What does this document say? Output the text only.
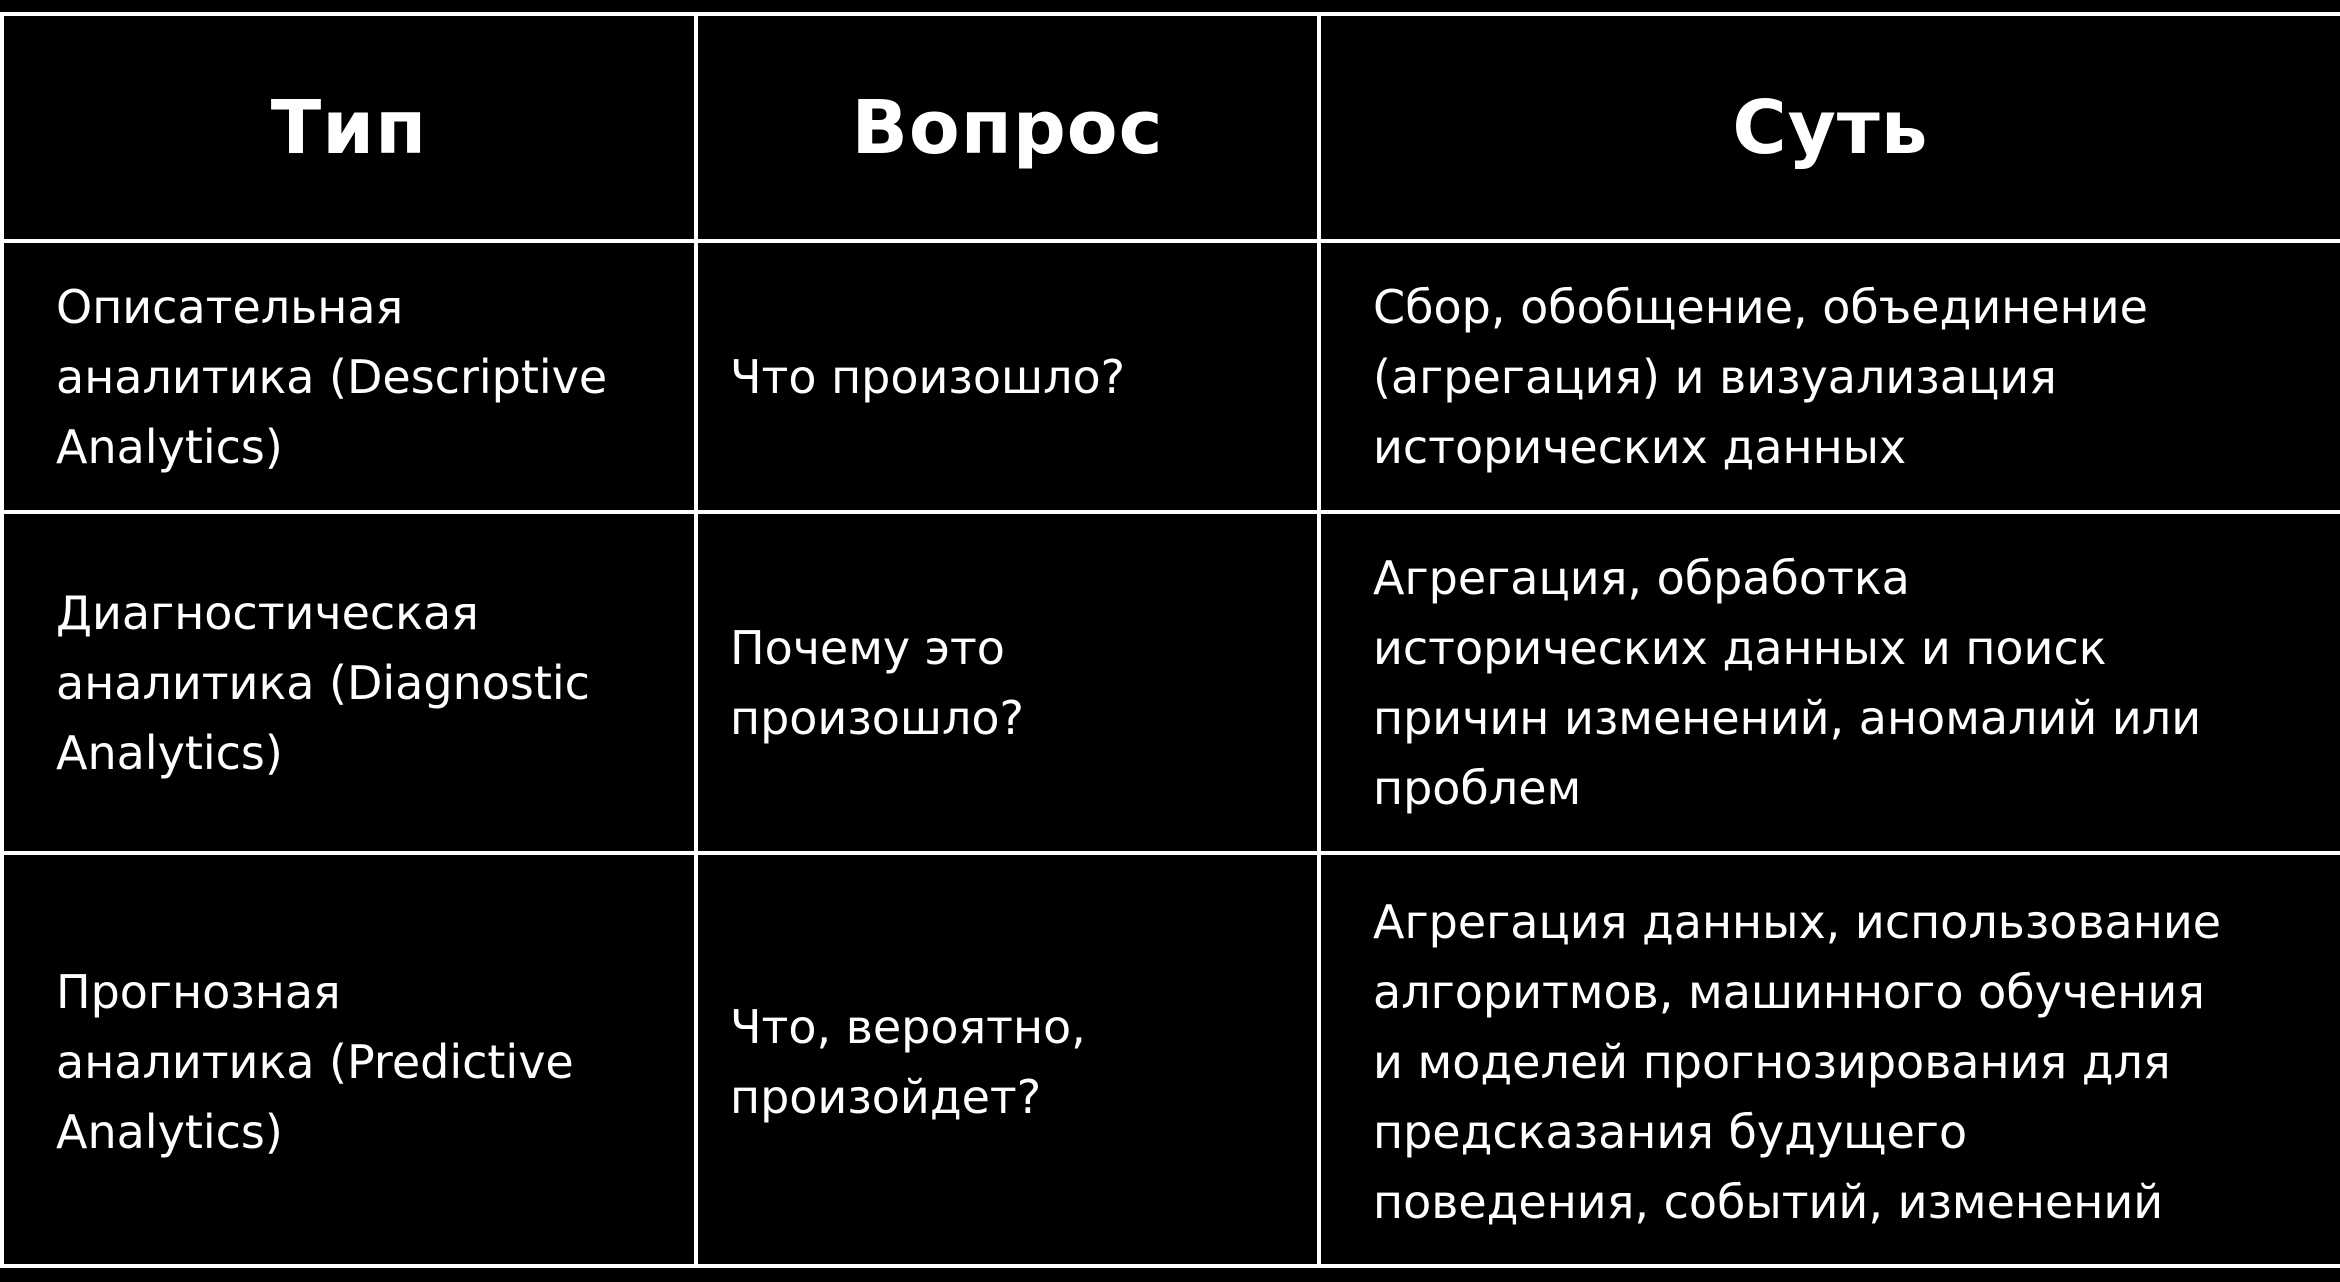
Тип	Вопрос	Суть
Описательная
аналитика (Descriptive
Analytics)
Что произошло?
Сбор, обобщение, объединение
(агрегация) и визуализация
исторических данных
Диагностическая
аналитика (Diagnostic
Analytics)
Почему это
произошло?
Агрегация, обработка
исторических данных и поиск
причин изменений, аномалий или
проблем
Прогнозная
аналитика (Predictive
Analytics)
Что, вероятно,
произойдет?
Агрегация данных, использование
алгоритмов, машинного обучения
и моделей прогнозирования для
предсказания будущего
поведения, событий, изменений
